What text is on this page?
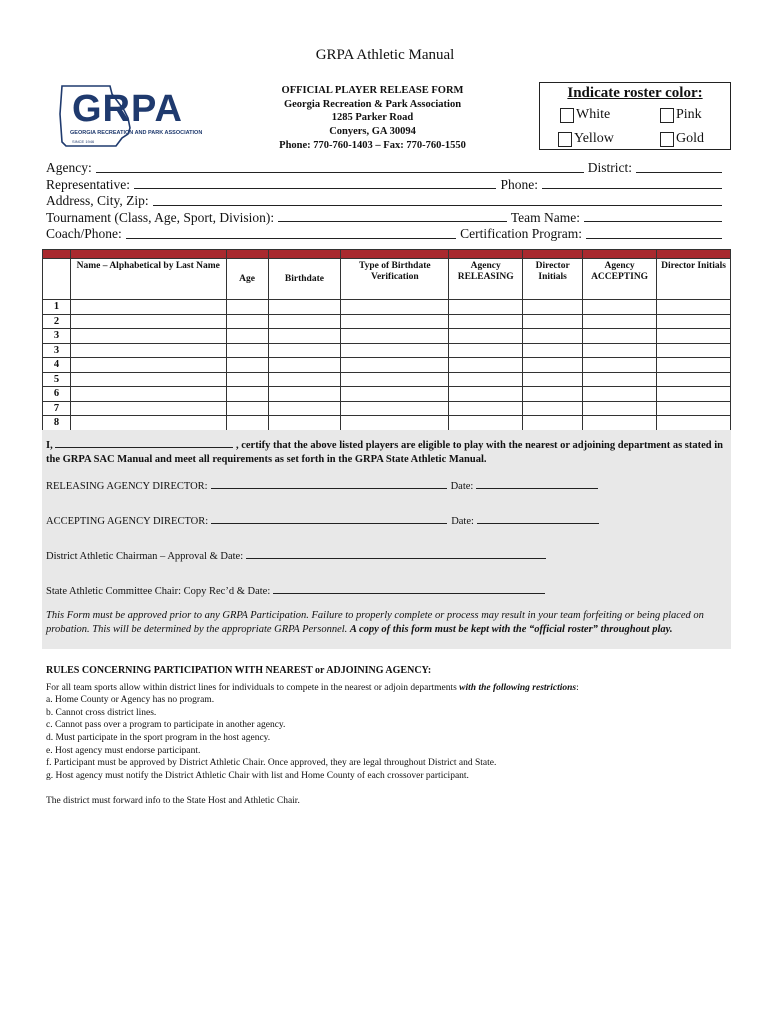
GRPA Athletic Manual
GRPA
GEORGIA RECREATION AND PARK ASSOCIATION
SINCE 1946
OFFICIAL PLAYER RELEASE FORM
Georgia Recreation & Park Association
1285 Parker Road
Conyers, GA 30094
Phone: 770-760-1403 – Fax: 770-760-1550
Indicate roster color:
White	Pink
Yellow	Gold
Agency:	District:
Representative:	Phone:
Address, City, Zip:
Tournament (Class, Age, Sport, Division):	Team Name:
Coach/Phone:	Certification Program:

	Name – Alphabetical by Last Name	Age	Birthdate	Type of Birthdate Verification	Agency RELEASING	Director Initials	Agency ACCEPTING	Director Initials
1								
2								
3								
3								
4								
5								
6								
7								
8								
I,	, certify that the above listed players are eligible to play with the nearest or adjoining department as stated in the GRPA SAC Manual and meet all requirements as set forth in the GRPA State Athletic Manual.
RELEASING AGENCY DIRECTOR:	Date:
ACCEPTING AGENCY DIRECTOR:	Date:
District Athletic Chairman – Approval & Date:
State Athletic Committee Chair: Copy Rec’d & Date:
This Form must be approved prior to any GRPA Participation. Failure to properly complete or process may result in your team forfeiting or being placed on probation. This will be determined by the appropriate GRPA Personnel. A copy of this form must be kept with the “official roster” throughout play.
RULES CONCERNING PARTICIPATION WITH NEAREST or ADJOINING AGENCY:
For all team sports allow within district lines for individuals to compete in the nearest or adjoin departments with the following restrictions:
a. Home County or Agency has no program.
b. Cannot cross district lines.
c. Cannot pass over a program to participate in another agency.
d. Must participate in the sport program in the host agency.
e. Host agency must endorse participant.
f. Participant must be approved by District Athletic Chair. Once approved, they are legal throughout District and State.
g. Host agency must notify the District Athletic Chair with list and Home County of each crossover participant.
The district must forward info to the State Host and Athletic Chair.
